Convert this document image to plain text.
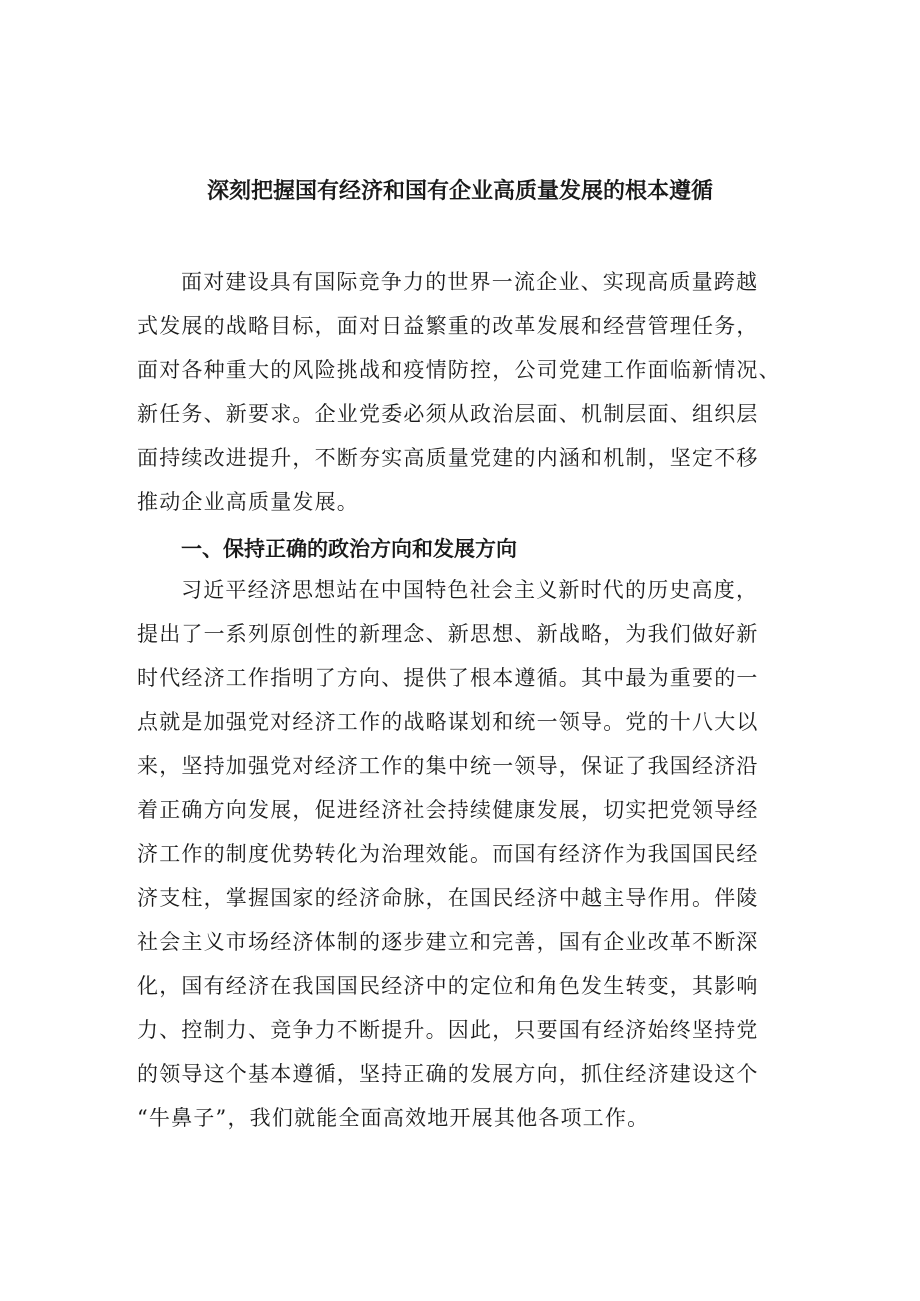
深刻把握国有经济和国有企业高质量发展的根本遵循
面对建设具有国际竞争力的世界一流企业、实现高质量跨越
式发展的战略目标，面对日益繁重的改革发展和经营管理任务，
面对各种重大的风险挑战和疫情防控，公司党建工作面临新情况、
新任务、新要求。企业党委必须从政治层面、机制层面、组织层
面持续改进提升，不断夯实高质量党建的内涵和机制，坚定不移
推动企业高质量发展。
一、保持正确的政治方向和发展方向
习近平经济思想站在中国特色社会主义新时代的历史高度，
提出了一系列原创性的新理念、新思想、新战略，为我们做好新
时代经济工作指明了方向、提供了根本遵循。其中最为重要的一
点就是加强党对经济工作的战略谋划和统一领导。党的十八大以
来，坚持加强党对经济工作的集中统一领导，保证了我国经济沿
着正确方向发展，促进经济社会持续健康发展，切实把党领导经
济工作的制度优势转化为治理效能。而国有经济作为我国国民经
济支柱，掌握国家的经济命脉，在国民经济中越主导作用。伴陵
社会主义市场经济体制的逐步建立和完善，国有企业改革不断深
化，国有经济在我国国民经济中的定位和角色发生转变，其影响
力、控制力、竞争力不断提升。因此，只要国有经济始终坚持党
的领导这个基本遵循，坚持正确的发展方向，抓住经济建设这个
“牛鼻子”，我们就能全面高效地开展其他各项工作。
